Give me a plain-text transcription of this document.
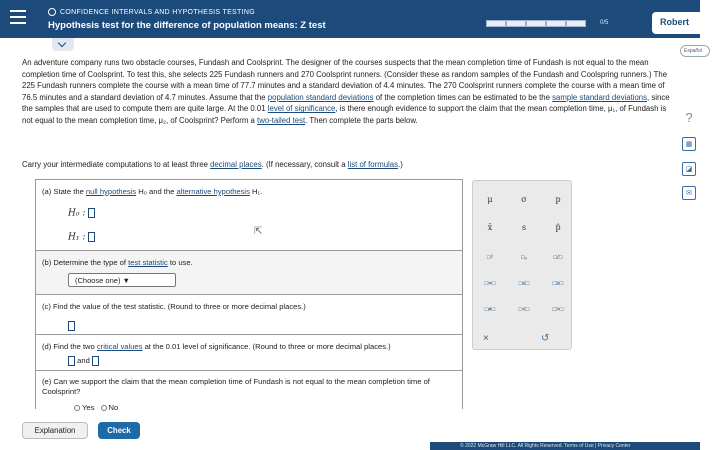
CONFIDENCE INTERVALS AND HYPOTHESIS TESTING
Hypothesis test for the difference of population means: Z test	0/5	Robert
Español
?
▦
◪
✉
An adventure company runs two obstacle courses, Fundash and Coolsprint. The designer of the courses suspects that the mean completion time of Fundash is not equal to the mean completion time of Coolsprint. To test this, she selects 225 Fundash runners and 270 Coolsprint runners. (Consider these as random samples of the Fundash and Coolspring runners.) The 225 Fundash runners complete the course with a mean time of 77.7 minutes and a standard deviation of 4.4 minutes. The 270 Coolsprint runners complete the course with a mean time of 76.5 minutes and a standard deviation of 4.7 minutes. Assume that the population standard deviations of the completion times can be estimated to be the sample standard deviations, since the samples that are used to compute them are quite large. At the 0.01 level of significance, is there enough evidence to support the claim that the mean completion time, μ₁, of Fundash is not equal to the mean completion time, μ₂, of Coolsprint? Perform a two-tailed test. Then complete the parts below.
Carry your intermediate computations to at least three decimal places. (If necessary, consult a list of formulas.)
(a) State the null hypothesis H₀ and the alternative hypothesis H₁.
H₀ :
H₁ :
(b) Determine the type of test statistic to use.
(Choose one) ▼
(c) Find the value of the test statistic. (Round to three or more decimal places.)
(d) Find the two critical values at the 0.01 level of significance. (Round to three or more decimal places.)
and
(e) Can we support the claim that the mean completion time of Fundash is not equal to the mean completion time of Coolsprint?
Yes No
⇱
μ	σ	p
x̄	s	p̂
□²	□₀	□/□
□=□	□≤□	□≥□
□≠□	□<□	□>□
×	↺
Explanation	Check
© 2022 McGraw Hill LLC. All Rights Reserved. Terms of Use | Privacy Center
